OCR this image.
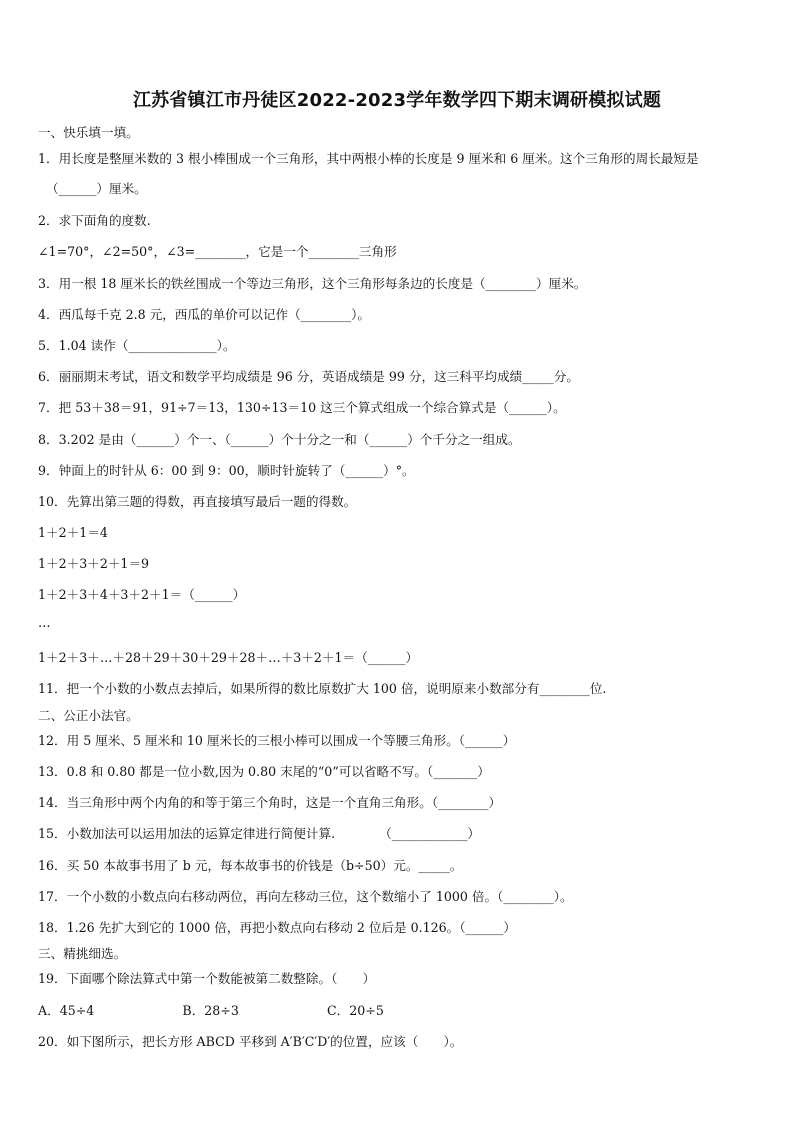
江苏省镇江市丹徒区2022-2023学年数学四下期末调研模拟试题
一、快乐填一填。
1．用长度是整厘米数的 3 根小棒围成一个三角形，其中两根小棒的长度是 9 厘米和 6 厘米。这个三角形的周长最短是
（______）厘米。
2．求下面角的度数.
∠1=70°，∠2=50°，∠3=________，它是一个________三角形
3．用一根 18 厘米长的铁丝围成一个等边三角形，这个三角形每条边的长度是（________）厘米。
4．西瓜每千克 2.8 元，西瓜的单价可以记作（________）。
5．1.04 读作（______________）。
6．丽丽期末考试，语文和数学平均成绩是 96 分，英语成绩是 99 分，这三科平均成绩_____分。
7．把 53＋38＝91，91÷7＝13，130÷13＝10 这三个算式组成一个综合算式是（______）。
8．3.202 是由（______）个一、（______）个十分之一和（______）个千分之一组成。
9．钟面上的时针从 6：00 到 9：00，顺时针旋转了（______）°。
10．先算出第三题的得数，再直接填写最后一题的得数。
1＋2＋1＝4
1＋2＋3＋2＋1＝9
1＋2＋3＋4＋3＋2＋1＝（______）
…
1＋2＋3＋…＋28＋29＋30＋29＋28＋…＋3＋2＋1＝（______）
11．把一个小数的小数点去掉后，如果所得的数比原数扩大 100 倍，说明原来小数部分有________位.
二、公正小法官。
12．用 5 厘米、5 厘米和 10 厘米长的三根小棒可以围成一个等腰三角形。（______）
13．0.8 和 0.80 都是一位小数,因为 0.80 末尾的“0”可以省略不写。（_______）
14．当三角形中两个内角的和等于第三个角时，这是一个直角三角形。（________）
15．小数加法可以运用加法的运算定律进行简便计算.　　　　（____________）
16．买 50 本故事书用了 b 元，每本故事书的价钱是（b÷50）元。_____。
17．一个小数的小数点向右移动两位，再向左移动三位，这个数缩小了 1000 倍。（________）。
18．1.26 先扩大到它的 1000 倍，再把小数点向右移动 2 位后是 0.126。（______）
三、精挑细选。
19．下面哪个除法算式中第一个数能被第二数整除。（　　）
A．45÷4　　　　　　　B．28÷3　　　　　　　C．20÷5
20．如下图所示，把长方形 ABCD 平移到 A′B′C′D′的位置，应该（　　）。
